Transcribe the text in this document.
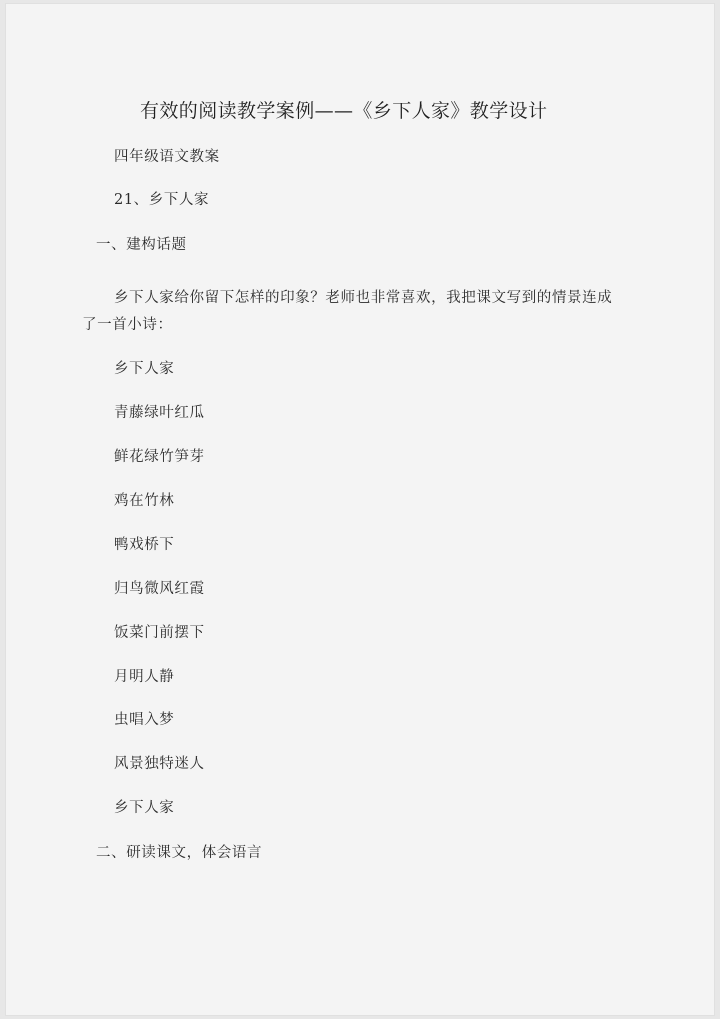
有效的阅读教学案例——《乡下人家》教学设计
四年级语文教案
21、乡下人家
一、建构话题
乡下人家给你留下怎样的印象？老师也非常喜欢，我把课文写到的情景连成
了一首小诗：
乡下人家
青藤绿叶红瓜
鲜花绿竹笋芽
鸡在竹林
鸭戏桥下
归鸟微风红霞
饭菜门前摆下
月明人静
虫唱入梦
风景独特迷人
乡下人家
二、研读课文，体会语言
